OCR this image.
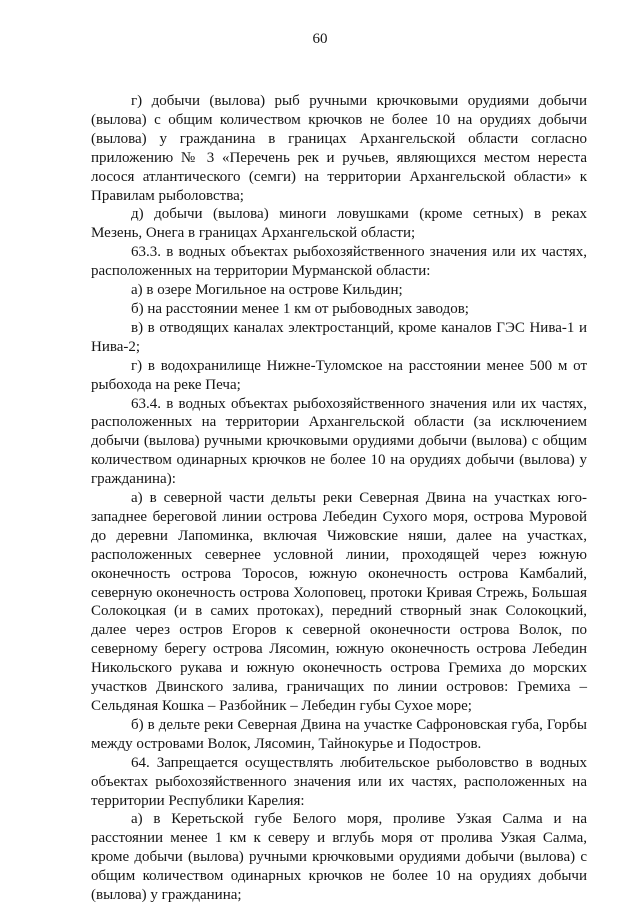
60

г) добычи (вылова) рыб ручными крючковыми орудиями добычи (вылова) с общим количеством крючков не более 10 на орудиях добычи (вылова) у гражданина в границах Архангельской области согласно приложению № 3 «Перечень рек и ручьев, являющихся местом нереста лосося атлантического (семги) на территории Архангельской области» к Правилам рыболовства;

д) добычи (вылова) миноги ловушками (кроме сетных) в реках Мезень, Онега в границах Архангельской области;

63.3. в водных объектах рыбохозяйственного значения или их частях, расположенных на территории Мурманской области:

а) в озере Могильное на острове Кильдин;

б) на расстоянии менее 1 км от рыбоводных заводов;

в) в отводящих каналах электростанций, кроме каналов ГЭС Нива-1 и Нива-2;

г) в водохранилище Нижне-Туломское на расстоянии менее 500 м от рыбохода на реке Печа;

63.4. в водных объектах рыбохозяйственного значения или их частях, расположенных на территории Архангельской области (за исключением добычи (вылова) ручными крючковыми орудиями добычи (вылова) с общим количеством одинарных крючков не более 10 на орудиях добычи (вылова) у гражданина):

а) в северной части дельты реки Северная Двина на участках юго-западнее береговой линии острова Лебедин Сухого моря, острова Муровой до деревни Лапоминка, включая Чижовские няши, далее на участках, расположенных севернее условной линии, проходящей через южную оконечность острова Торосов, южную оконечность острова Камбалий, северную оконечность острова Холоповец, протоки Кривая Стрежь, Большая Солокоцкая (и в самих протоках), передний створный знак Солокоцкий, далее через остров Егоров к северной оконечности острова Волок, по северному берегу острова Лясомин, южную оконечность острова Лебедин Никольского рукава и южную оконечность острова Гремиха до морских участков Двинского залива, граничащих по линии островов: Гремиха – Сельдяная Кошка – Разбойник – Лебедин губы Сухое море;

б) в дельте реки Северная Двина на участке Сафроновская губа, Горбы между островами Волок, Лясомин, Тайнокурье и Подостров.

64. Запрещается осуществлять любительское рыболовство в водных объектах рыбохозяйственного значения или их частях, расположенных на территории Республики Карелия:

а) в Керетьской губе Белого моря, проливе Узкая Салма и на расстоянии менее 1 км к северу и вглубь моря от пролива Узкая Салма, кроме добычи (вылова) ручными крючковыми орудиями добычи (вылова) с общим количеством одинарных крючков не более 10 на орудиях добычи (вылова) у гражданина;
